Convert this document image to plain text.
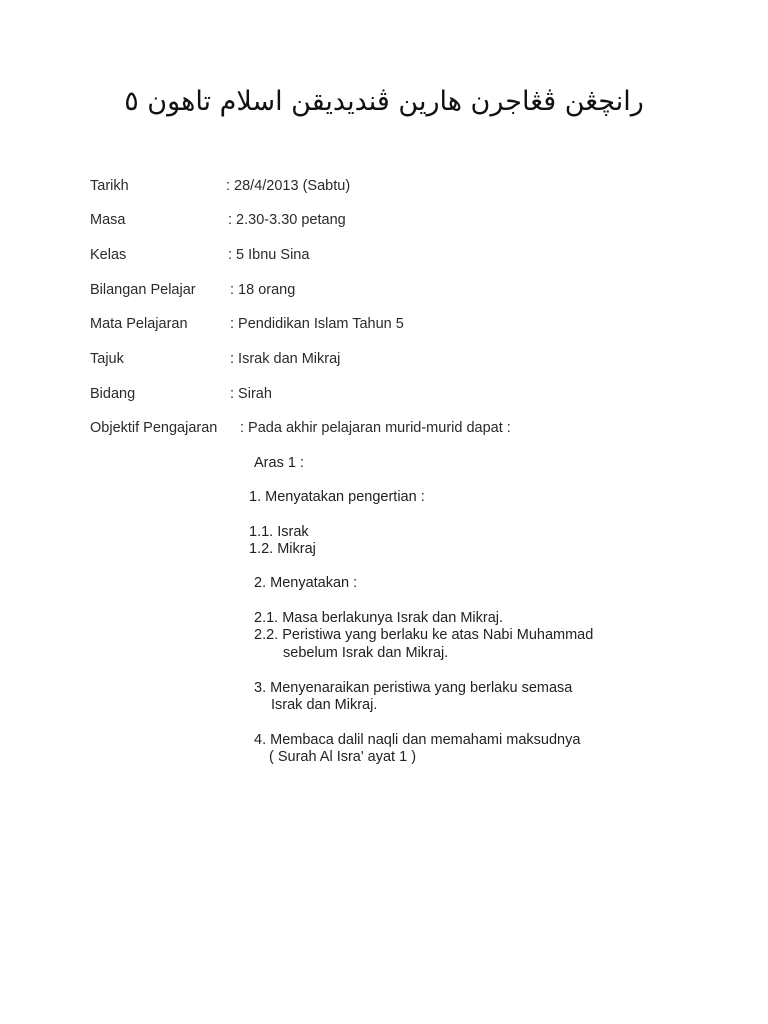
رانچڠن ڤڠاجرن هارين ڤنديديقن اسلام تاهون ٥
Tarikh	: 28/4/2013 (Sabtu)
Masa	: 2.30-3.30 petang
Kelas	: 5 Ibnu Sina
Bilangan Pelajar : 18 orang
Mata Pelajaran	: Pendidikan Islam Tahun 5
Tajuk	: Israk dan Mikraj
Bidang	: Sirah
Objektif Pengajaran : Pada akhir pelajaran murid-murid dapat :
Aras 1 :
1. Menyatakan pengertian :
1.1. Israk
1.2. Mikraj
2. Menyatakan :
2.1. Masa berlakunya Israk dan Mikraj.
2.2. Peristiwa yang berlaku ke atas Nabi Muhammad
sebelum Israk dan Mikraj.
3. Menyenaraikan peristiwa yang berlaku semasa
Israk dan Mikraj.
4. Membaca dalil naqli dan memahami maksudnya
( Surah Al Isra' ayat 1 )
